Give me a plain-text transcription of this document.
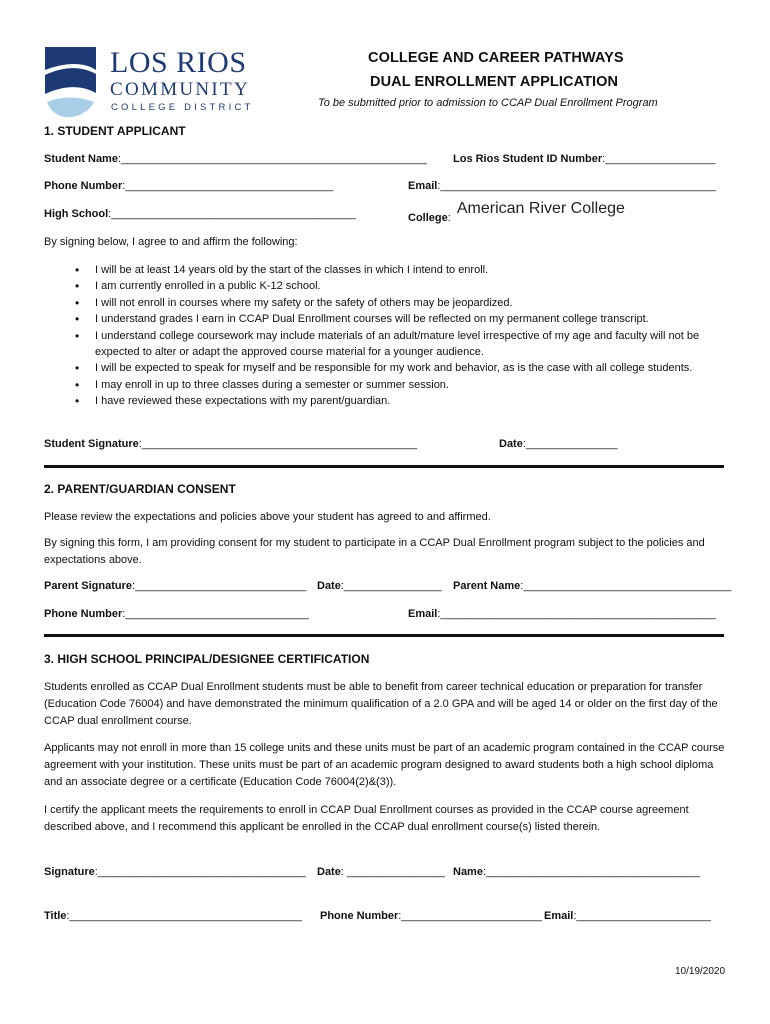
LOS RIOS
COMMUNITY
COLLEGE DISTRICT
COLLEGE AND CAREER PATHWAYS
DUAL ENROLLMENT APPLICATION
To be submitted prior to admission to CCAP Dual Enrollment Program
1. STUDENT APPLICANT
Student Name:__________________________________________________ Los Rios Student ID Number:__________________
Phone Number:__________________________________	Email:_____________________________________________
High School:________________________________________	College: American River College
By signing below, I agree to and affirm the following:
• I will be at least 14 years old by the start of the classes in which I intend to enroll.
• I am currently enrolled in a public K-12 school.
• I will not enroll in courses where my safety or the safety of others may be jeopardized.
• I understand grades I earn in CCAP Dual Enrollment courses will be reflected on my permanent college transcript.
• I understand college coursework may include materials of an adult/mature level irrespective of my age and faculty will not be expected to alter or adapt the approved course material for a younger audience.
• I will be expected to speak for myself and be responsible for my work and behavior, as is the case with all college students.
• I may enroll in up to three classes during a semester or summer session.
• I have reviewed these expectations with my parent/guardian.
Student Signature:_____________________________________________	Date:_______________
2. PARENT/GUARDIAN CONSENT
Please review the expectations and policies above your student has agreed to and affirmed.
By signing this form, I am providing consent for my student to participate in a CCAP Dual Enrollment program subject to the policies and expectations above.
Parent Signature:____________________________ Date:________________ Parent Name:__________________________________
Phone Number:______________________________	Email:_____________________________________________
3. HIGH SCHOOL PRINCIPAL/DESIGNEE CERTIFICATION
Students enrolled as CCAP Dual Enrollment students must be able to benefit from career technical education or preparation for transfer (Education Code 76004) and have demonstrated the minimum qualification of a 2.0 GPA and will be aged 14 or older on the first day of the CCAP dual enrollment course.
Applicants may not enroll in more than 15 college units and these units must be part of an academic program contained in the CCAP course agreement with your institution. These units must be part of an academic program designed to award students both a high school diploma and an associate degree or a certificate (Education Code 76004(2)&(3)).
I certify the applicant meets the requirements to enroll in CCAP Dual Enrollment courses as provided in the CCAP course agreement described above, and I recommend this applicant be enrolled in the CCAP dual enrollment course(s) listed therein.
Signature:__________________________________ Date: ________________ Name:___________________________________
Title:______________________________________ Phone Number:_______________________ Email:______________________
10/19/2020
